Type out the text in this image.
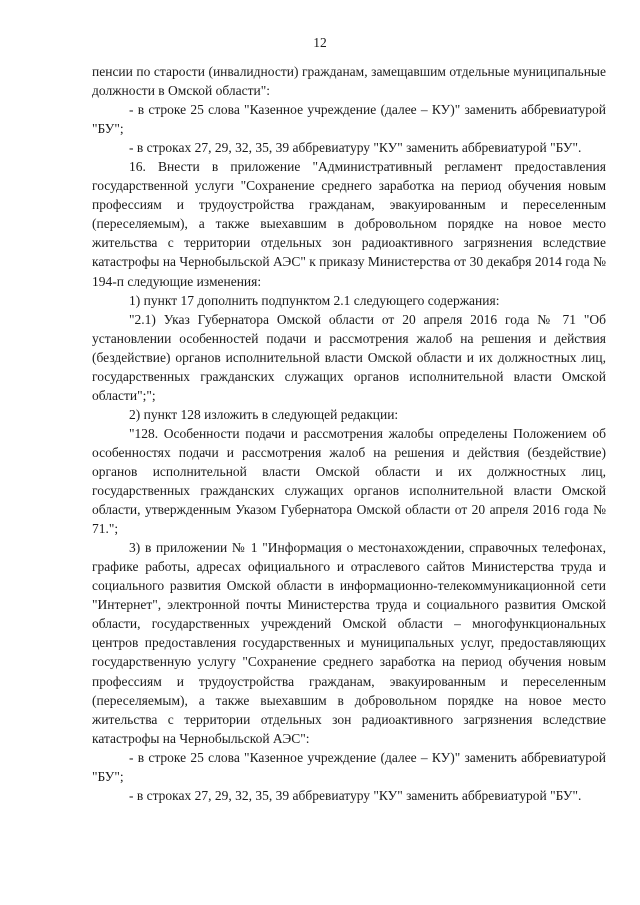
12

пенсии по старости (инвалидности) гражданам, замещавшим отдельные муниципальные должности в Омской области":

- в строке 25 слова "Казенное учреждение (далее – КУ)" заменить аббревиатурой "БУ";

- в строках 27, 29, 32, 35, 39 аббревиатуру "КУ" заменить аббревиатурой "БУ".

16. Внести в приложение "Административный регламент предоставления государственной услуги "Сохранение среднего заработка на период обучения новым профессиям и трудоустройства гражданам, эвакуированным и переселенным (переселяемым), а также выехавшим в добровольном порядке на новое место жительства с территории отдельных зон радиоактивного загрязнения вследствие катастрофы на Чернобыльской АЭС" к приказу Министерства от 30 декабря 2014 года № 194-п следующие изменения:

1) пункт 17 дополнить подпунктом 2.1 следующего содержания:

"2.1) Указ Губернатора Омской области от 20 апреля 2016 года № 71 "Об установлении особенностей подачи и рассмотрения жалоб на решения и действия (бездействие) органов исполнительной власти Омской области и их должностных лиц, государственных гражданских служащих органов исполнительной власти Омской области";";

2) пункт 128 изложить в следующей редакции:

"128. Особенности подачи и рассмотрения жалобы определены Положением об особенностях подачи и рассмотрения жалоб на решения и действия (бездействие) органов исполнительной власти Омской области и их должностных лиц, государственных гражданских служащих органов исполнительной власти Омской области, утвержденным Указом Губернатора Омской области от 20 апреля 2016 года № 71.";

3) в приложении № 1 "Информация о местонахождении, справочных телефонах, графике работы, адресах официального и отраслевого сайтов Министерства труда и социального развития Омской области в информационно-телекоммуникационной сети "Интернет", электронной почты Министерства труда и социального развития Омской области, государственных учреждений Омской области – многофункциональных центров предоставления государственных и муниципальных услуг, предоставляющих государственную услугу "Сохранение среднего заработка на период обучения новым профессиям и трудоустройства гражданам, эвакуированным и переселенным (переселяемым), а также выехавшим в добровольном порядке на новое место жительства с территории отдельных зон радиоактивного загрязнения вследствие катастрофы на Чернобыльской АЭС":

- в строке 25 слова "Казенное учреждение (далее – КУ)" заменить аббревиатурой "БУ";

- в строках 27, 29, 32, 35, 39 аббревиатуру "КУ" заменить аббревиатурой "БУ".
